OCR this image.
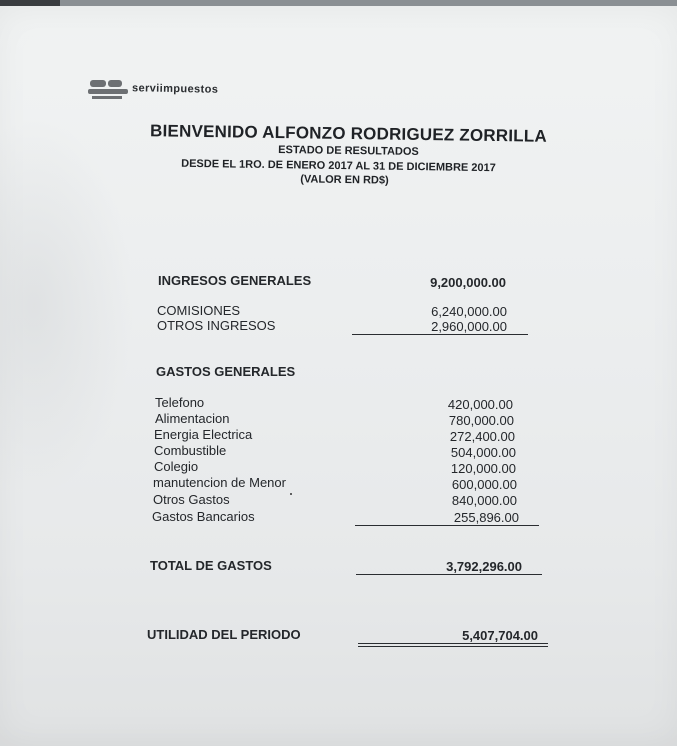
serviimpuestos
BIENVENIDO ALFONZO RODRIGUEZ ZORRILLA
ESTADO DE RESULTADOS
DESDE EL 1RO. DE ENERO 2017 AL 31 DE DICIEMBRE 2017
(VALOR EN RD$)
INGRESOS GENERALES	9,200,000.00
COMISIONES	6,240,000.00
OTROS INGRESOS	2,960,000.00
GASTOS GENERALES
Telefono	420,000.00
Alimentacion	780,000.00
Energia Electrica	272,400.00
Combustible	504,000.00
Colegio	120,000.00
manutencion de Menor	600,000.00
Otros Gastos	840,000.00
Gastos Bancarios	255,896.00
TOTAL DE GASTOS	3,792,296.00
UTILIDAD DEL PERIODO	5,407,704.00
